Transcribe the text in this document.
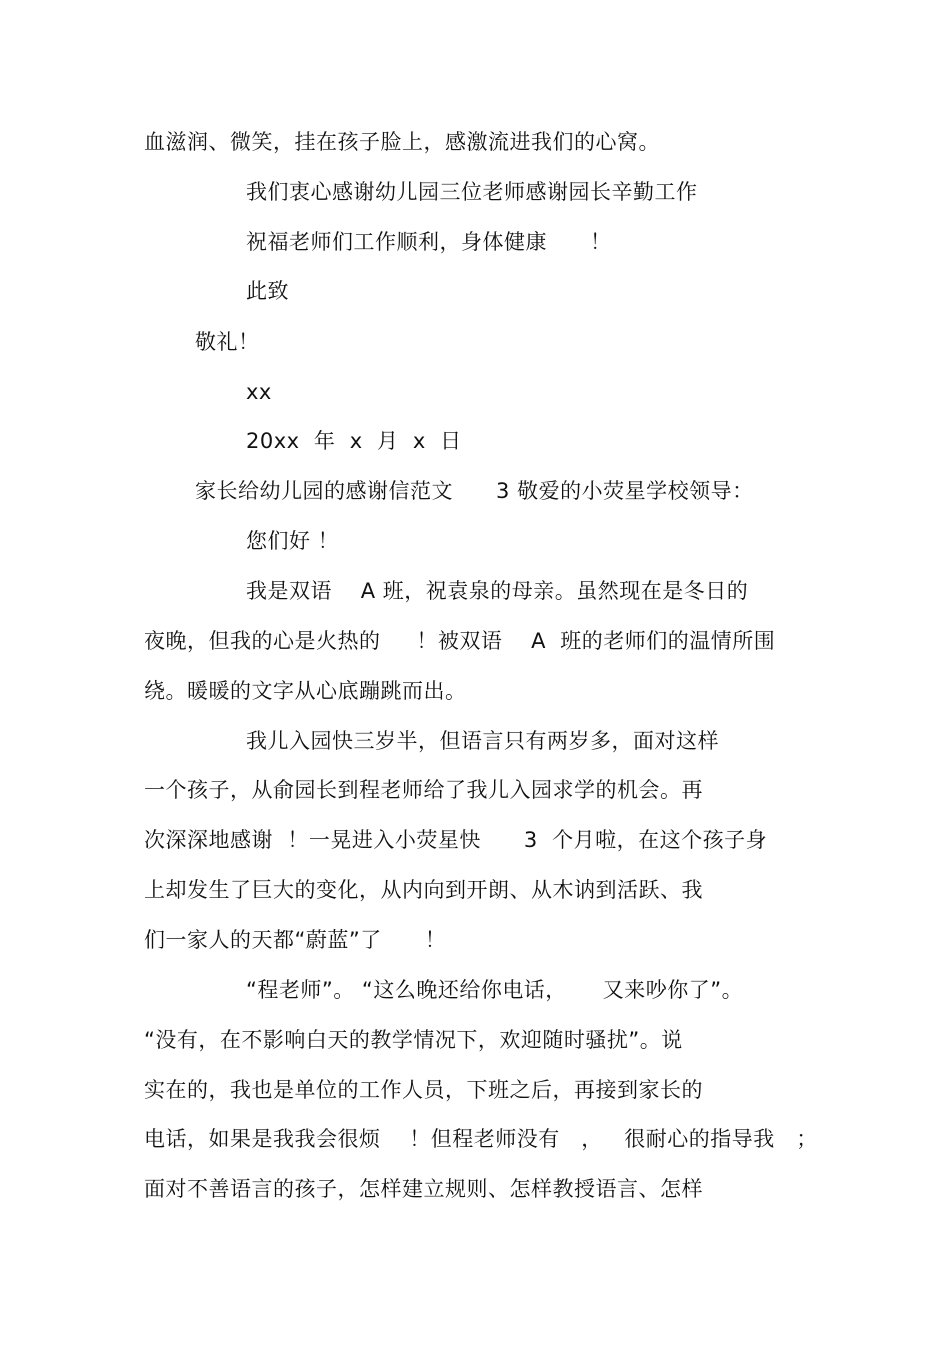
血滋润、微笑，挂在孩子脸上，感激流进我们的心窝。
我们衷心感谢幼儿园三位老师感谢园长辛勤工作
祝福老师们工作顺利，身体健康      ！
此致
敬礼！
xx
20xx  年  x  月  x  日
家长给幼儿园的感谢信范文      3 敬爱的小荧星学校领导：
您们好 ！
我是双语    A 班，祝袁泉的母亲。虽然现在是冬日的
夜晚，但我的心是火热的     ！被双语    A  班的老师们的温情所围
绕。暖暖的文字从心底蹦跳而出。
我儿入园快三岁半，但语言只有两岁多，面对这样
一个孩子，从俞园长到程老师给了我儿入园求学的机会。再
次深深地感谢  ！一晃进入小荧星快      3  个月啦，在这个孩子身
上却发生了巨大的变化，从内向到开朗、从木讷到活跃、我
们一家人的天都“蔚蓝”了      ！
“程老师”。 “这么晚还给你电话，     又来吵你了”。
“没有，在不影响白天的教学情况下，欢迎随时骚扰”。说
实在的，我也是单位的工作人员，下班之后，再接到家长的
电话，如果是我我会很烦    ！但程老师没有   ，   很耐心的指导我   ；
面对不善语言的孩子，怎样建立规则、怎样教授语言、怎样
